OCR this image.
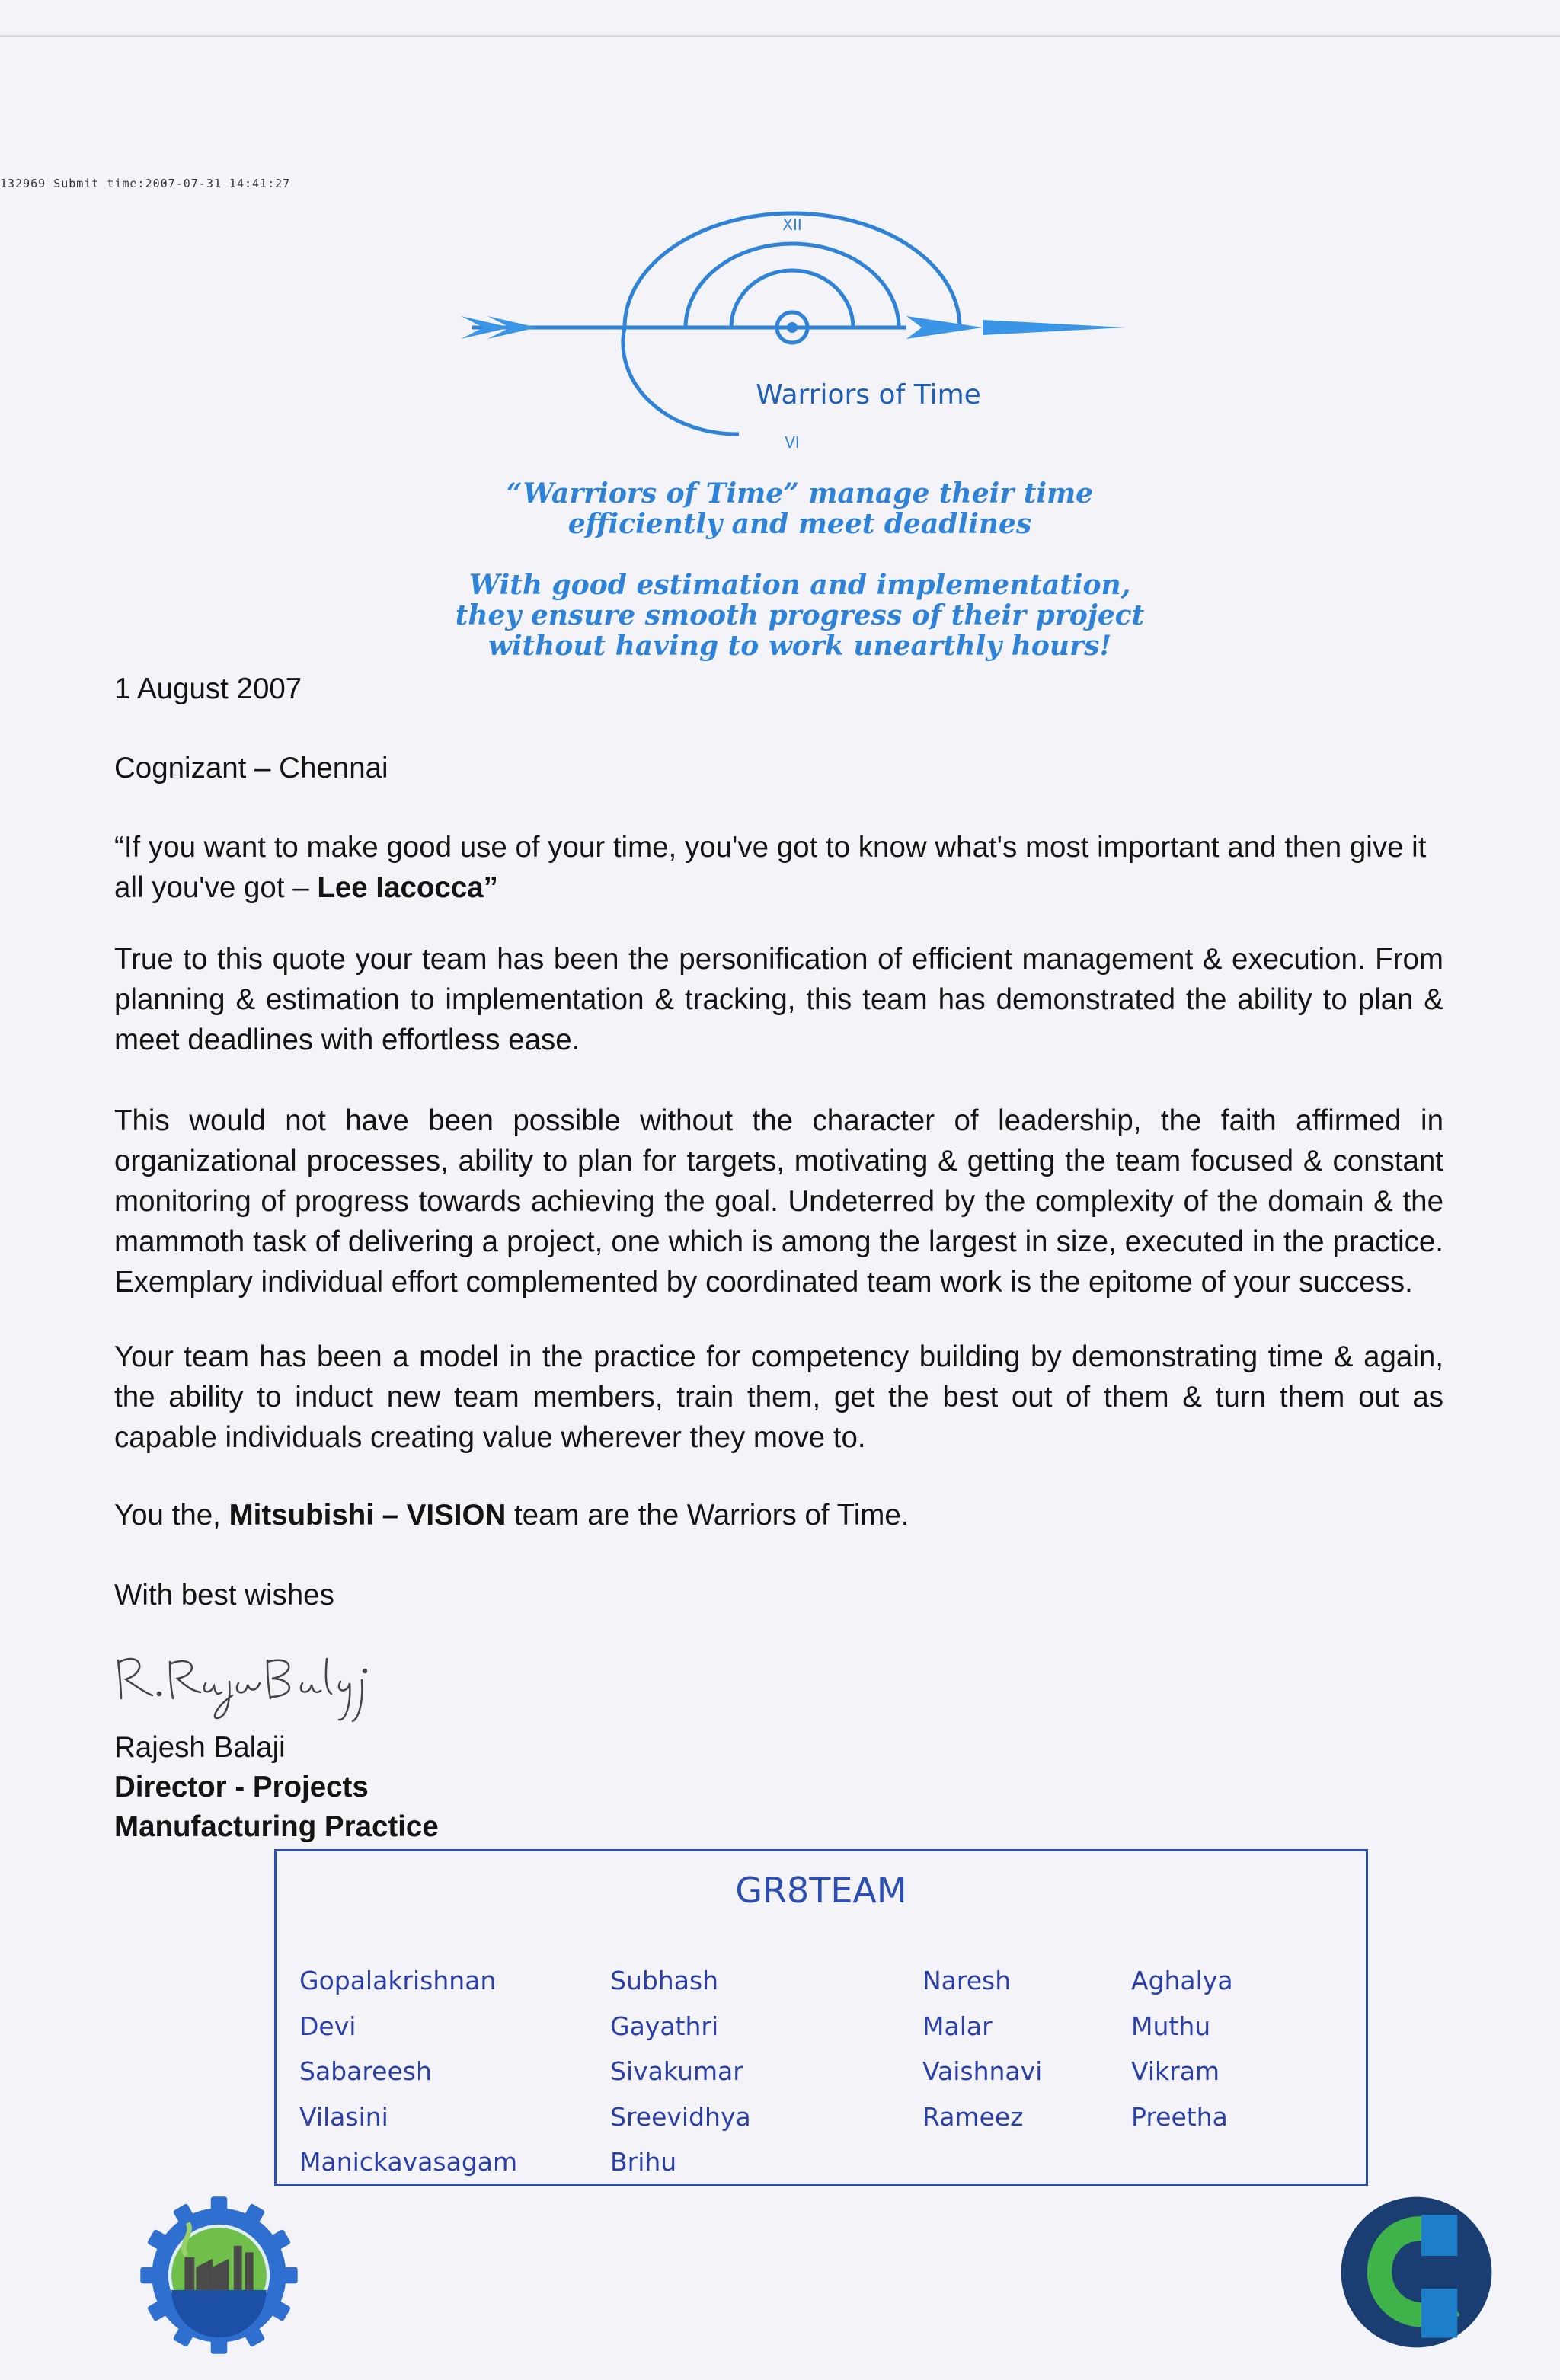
132969 Submit time:2007-07-31 14:41:27
XII
VI
Warriors of Time
“Warriors of Time” manage their time
efficiently and meet deadlines
With good estimation and implementation,
they ensure smooth progress of their project
without having to work unearthly hours!
1 August 2007
Cognizant – Chennai
“If you want to make good use of your time, you've got to know what's most important and then give it all you've got – Lee Iacocca”
True to this quote your team has been the personification of efficient management & execution. From planning & estimation to implementation & tracking, this team has demonstrated the ability to plan & meet deadlines with effortless ease.
This would not have been possible without the character of leadership, the faith affirmed in organizational processes, ability to plan for targets, motivating & getting the team focused & constant monitoring of progress towards achieving the goal. Undeterred by the complexity of the domain & the mammoth task of delivering a project, one which is among the largest in size, executed in the practice. Exemplary individual effort complemented by coordinated team work is the epitome of your success.
Your team has been a model in the practice for competency building by demonstrating time & again, the ability to induct new team members, train them, get the best out of them & turn them out as capable individuals creating value wherever they move to.
You the, Mitsubishi – VISION team are the Warriors of Time.
With best wishes
Rajesh Balaji
Director - Projects
Manufacturing Practice
GR8TEAM
Gopalakrishnan
Devi
Sabareesh
Vilasini
Manickavasagam
Subhash
Gayathri
Sivakumar
Sreevidhya
Brihu
Naresh
Malar
Vaishnavi
Rameez
Aghalya
Muthu
Vikram
Preetha
